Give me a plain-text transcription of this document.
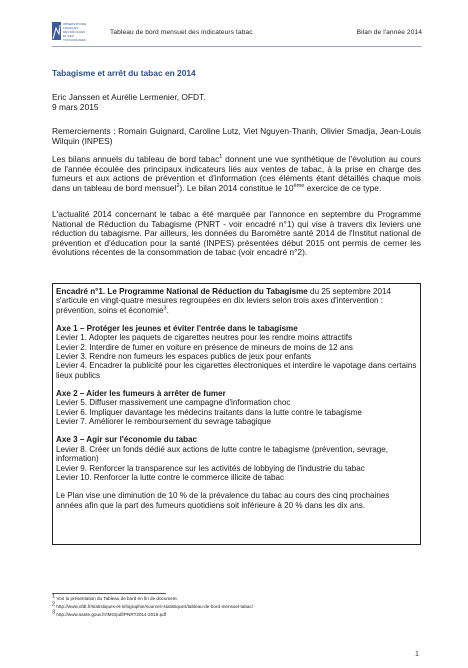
OBSERVATOIRE
FRANÇAIS
DES DROGUES
ET DES
TOXICOMANIES
Tableau de bord mensuel des indicateurs tabac	Bilan de l'année 2014
Tabagisme et arrêt du tabac en 2014
Eric Janssen et Aurélie Lermenier, OFDT.
9 mars 2015

Remerciements : Romain Guignard, Caroline Lutz, Viet Nguyen-Thanh, Olivier Smadja, Jean-Louis Wilquin (INPES)

Les bilans annuels du tableau de bord tabac$^1$ donnent une vue synthétique de l'évolution au cours de l'année écoulée des principaux indicateurs liés aux ventes de tabac, à la prise en charge des fumeurs et aux actions de prévention et d'information (ces éléments étant détaillés chaque mois dans un tableau de bord mensuel$^2$). Le bilan 2014 constitue le 10ème exercice de ce type.

L'actualité 2014 concernant le tabac a été marquée par l'annonce en septembre du Programme National de Réduction du Tabagisme (PNRT - voir encadré n°1) qui vise à travers dix leviers une réduction du tabagisme. Par ailleurs, les données du Baromètre santé 2014 de l'Institut national de prévention et d'éducation pour la santé (INPES) présentées début 2015 ont permis de cerner les évolutions récentes de la consommation de tabac (voir encadré n°2).

Encadré n°1. Le Programme National de Réduction du Tabagisme du 25 septembre 2014 s'articule en vingt-quatre mesures regroupées en dix leviers selon trois axes d'intervention : prévention, soins et économie$^3$.

Axe 1 – Protéger les jeunes et éviter l'entrée dans le tabagisme
Levier 1. Adopter les paquets de cigarettes neutres pour les rendre moins attractifs
Levier 2. Interdire de fumer en voiture en présence de mineurs de moins de 12 ans
Levier 3. Rendre non fumeurs les espaces publics de jeux pour enfants
Levier 4. Encadrer la publicité pour les cigarettes électroniques et interdire le vapotage dans certains lieux publics
Axe 2 – Aider les fumeurs à arrêter de fumer
Levier 5. Diffuser massivement une campagne d'information choc
Levier 6. Impliquer davantage les médecins traitants dans la lutte contre le tabagisme
Levier 7. Améliorer le remboursement du sevrage tabagique
Axe 3 – Agir sur l'économie du tabac
Levier 8. Créer un fonds dédié aux actions de lutte contre le tabagisme (prévention, sevrage, information)
Levier 9. Renforcer la transparence sur les activités de lobbying de l'industrie du tabac
Levier 10. Renforcer la lutte contre le commerce illicite de tabac

Le Plan vise une diminution de 10 % de la prévalence du tabac au cours des cinq prochaines années afin que la part des fumeurs quotidiens soit inférieure à 20 % dans les dix ans.

$^1$ Voir la présentation du Tableau de bord en fin de document.
$^2$ http://www.ofdt.fr/statistiques-et-infographie/sources-statistiques/tableau-de-bord-mensuel-tabac/
$^3$ http://www.sante.gouv.fr/IMG/pdf/PNRT2014-2019.pdf
1
